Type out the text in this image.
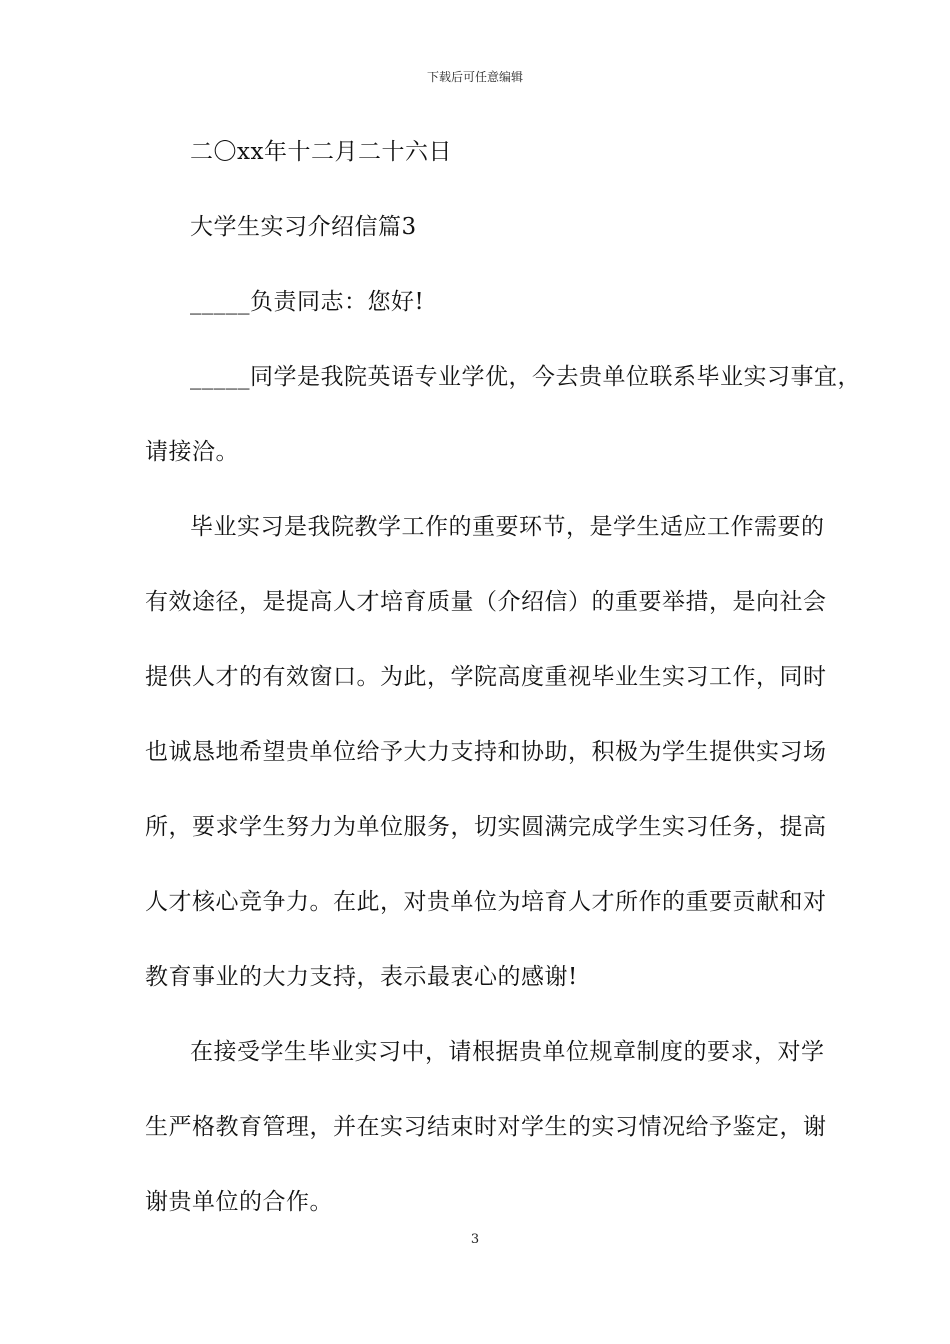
下载后可任意编辑
二〇xx年十二月二十六日
大学生实习介绍信篇3
_____负责同志：您好!
_____同学是我院英语专业学优，今去贵单位联系毕业实习事宜，
请接洽。
毕业实习是我院教学工作的重要环节，是学生适应工作需要的
有效途径，是提高人才培育质量（介绍信）的重要举措，是向社会
提供人才的有效窗口。为此，学院高度重视毕业生实习工作，同时
也诚恳地希望贵单位给予大力支持和协助，积极为学生提供实习场
所，要求学生努力为单位服务，切实圆满完成学生实习任务，提高
人才核心竞争力。在此，对贵单位为培育人才所作的重要贡献和对
教育事业的大力支持，表示最衷心的感谢!
在接受学生毕业实习中，请根据贵单位规章制度的要求，对学
生严格教育管理，并在实习结束时对学生的实习情况给予鉴定，谢
谢贵单位的合作。
3
